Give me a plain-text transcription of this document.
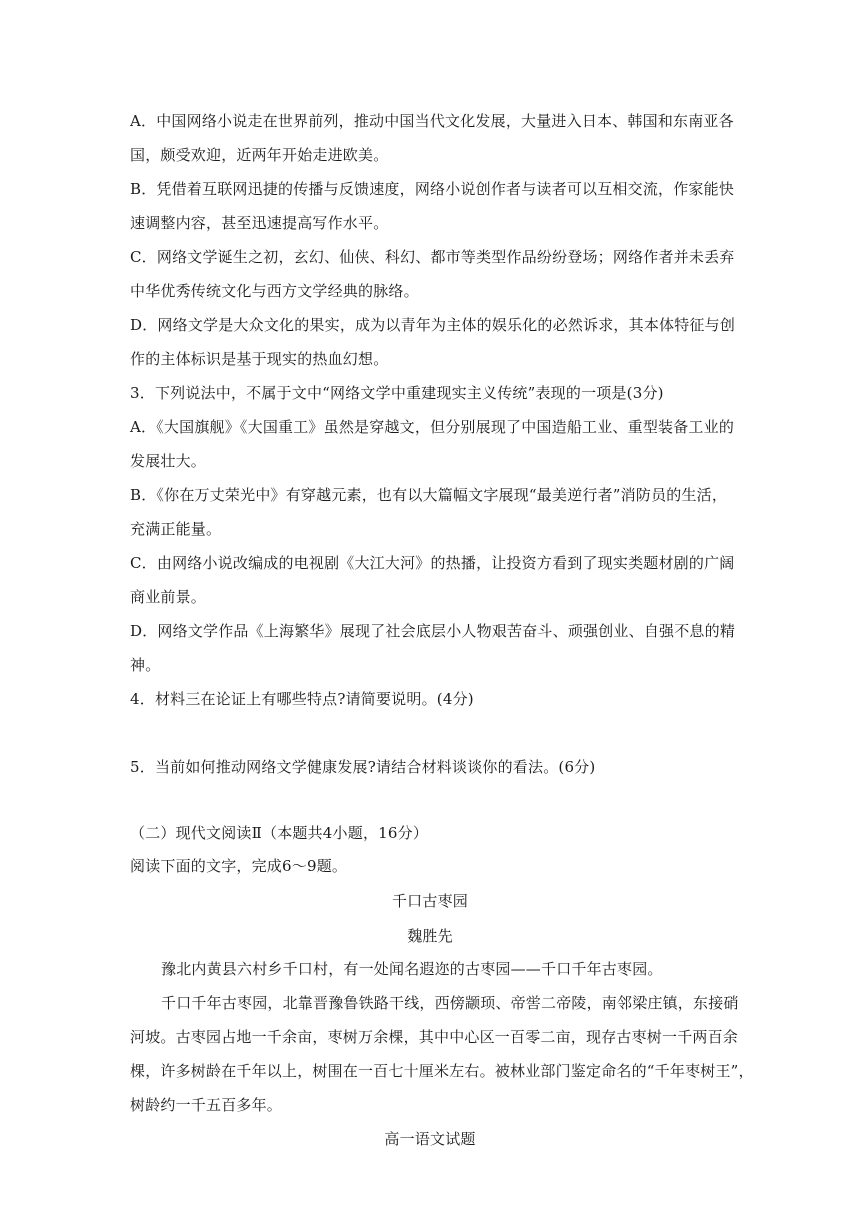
A．中国网络小说走在世界前列，推动中国当代文化发展，大量进入日本、韩国和东南亚各
国，颇受欢迎，近两年开始走进欧美。
B．凭借着互联网迅捷的传播与反馈速度，网络小说创作者与读者可以互相交流，作家能快
速调整内容，甚至迅速提高写作水平。
C．网络文学诞生之初，玄幻、仙侠、科幻、都市等类型作品纷纷登场；网络作者并未丢弃
中华优秀传统文化与西方文学经典的脉络。
D．网络文学是大众文化的果实，成为以青年为主体的娱乐化的必然诉求，其本体特征与创
作的主体标识是基于现实的热血幻想。
3．下列说法中，不属于文中“网络文学中重建现实主义传统”表现的一项是(3分)
A．《大国旗舰》《大国重工》虽然是穿越文，但分别展现了中国造船工业、重型装备工业的
发展壮大。
B．《你在万丈荣光中》有穿越元素，也有以大篇幅文字展现“最美逆行者”消防员的生活，
充满正能量。
C．由网络小说改编成的电视剧《大江大河》的热播，让投资方看到了现实类题材剧的广阔
商业前景。
D．网络文学作品《上海繁华》展现了社会底层小人物艰苦奋斗、顽强创业、自强不息的精
神。
4．材料三在论证上有哪些特点?请简要说明。(4分)
5．当前如何推动网络文学健康发展?请结合材料谈谈你的看法。(6分)
（二）现代文阅读Ⅱ（本题共4小题，16分）
阅读下面的文字，完成6～9题。
千口古枣园
魏胜先
豫北内黄县六村乡千口村，有一处闻名遐迩的古枣园——千口千年古枣园。
千口千年古枣园，北靠晋豫鲁铁路干线，西傍颛顼、帝喾二帝陵，南邻梁庄镇，东接硝
河坡。古枣园占地一千余亩，枣树万余棵，其中中心区一百零二亩，现存古枣树一千两百余
棵，许多树龄在千年以上，树围在一百七十厘米左右。被林业部门鉴定命名的“千年枣树王”，
树龄约一千五百多年。
高一语文试题
